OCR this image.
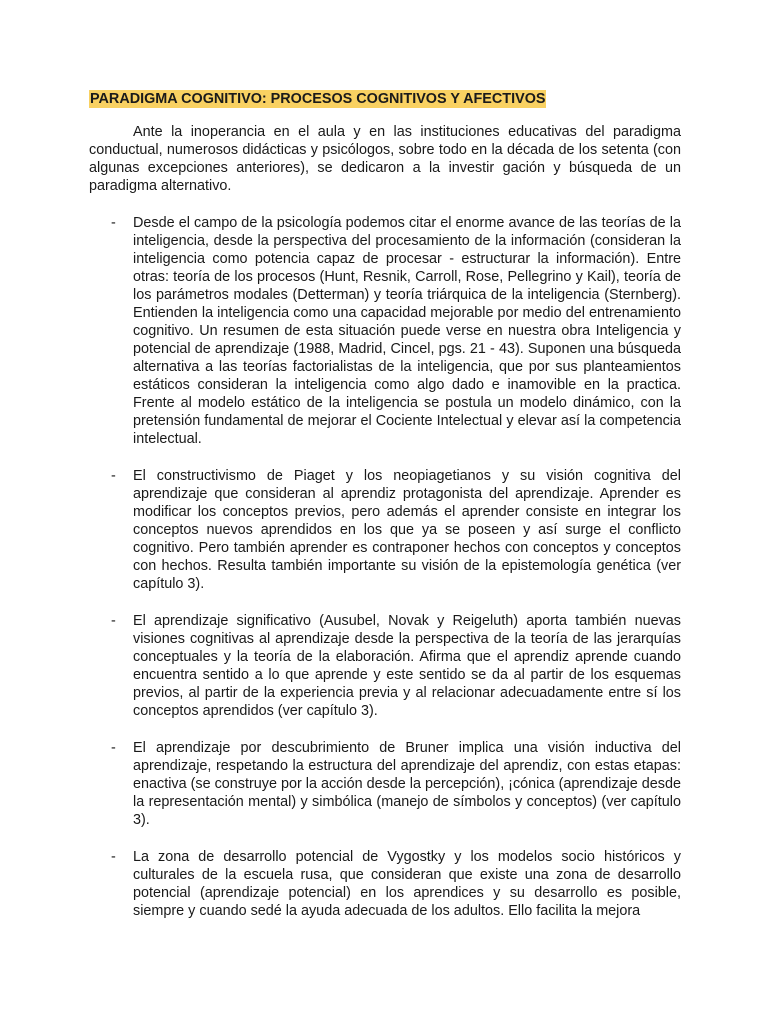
PARADIGMA COGNITIVO: PROCESOS COGNITIVOS Y AFECTIVOS

Ante la inoperancia en el aula y en las instituciones educativas del paradigma conductual, numerosos didácticas y psicólogos, sobre todo en la década de los setenta (con algunas excepciones anteriores), se dedicaron a la investir gación y búsqueda de un paradigma alternativo.

- Desde el campo de la psicología podemos citar el enorme avance de las teorías de la inteligencia, desde la perspectiva del procesamiento de la información (consideran la inteligencia como potencia capaz de procesar - estructurar la información). Entre otras: teoría de los procesos (Hunt, Resnik, Carroll, Rose, Pellegrino y Kail), teoría de los parámetros modales (Detterman) y teoría triárquica de la inteligencia (Sternberg). Entienden la inteligencia como una capacidad mejorable por medio del entrenamiento cognitivo. Un resumen de esta situación puede verse en nuestra obra Inteligencia y potencial de aprendizaje (1988, Madrid, Cincel, pgs. 21 - 43). Suponen una búsqueda alternativa a las teorías factorialistas de la inteligencia, que por sus planteamientos estáticos consideran la inteligencia como algo dado e inamovible en la practica. Frente al modelo estático de la inteligencia se postula un modelo dinámico, con la pretensión fundamental de mejorar el Cociente Intelectual y elevar así la competencia intelectual.

- El constructivismo de Piaget y los neopiagetianos y su visión cognitiva del aprendizaje que consideran al aprendiz protagonista del aprendizaje. Aprender es modificar los conceptos previos, pero además el aprender consiste en integrar los conceptos nuevos aprendidos en los que ya se poseen y así surge el conflicto cognitivo. Pero también aprender es contraponer hechos con conceptos y conceptos con hechos. Resulta también importante su visión de la epistemología genética (ver capítulo 3).

- El aprendizaje significativo (Ausubel, Novak y Reigeluth) aporta también nuevas visiones cognitivas al aprendizaje desde la perspectiva de la teoría de las jerarquías conceptuales y la teoría de la elaboración. Afirma que el aprendiz aprende cuando encuentra sentido a lo que aprende y este sentido se da al partir de los esquemas previos, al partir de la experiencia previa y al relacionar adecuadamente entre sí los conceptos aprendidos (ver capítulo 3).

- El aprendizaje por descubrimiento de Bruner implica una visión inductiva del aprendizaje, respetando la estructura del aprendizaje del aprendiz, con estas etapas: enactiva (se construye por la acción desde la percepción), ¡cónica (aprendizaje desde la representación mental) y simbólica (manejo de símbolos y conceptos) (ver capítulo 3).

- La zona de desarrollo potencial de Vygostky y los modelos socio históricos y culturales de la escuela rusa, que consideran que existe una zona de desarrollo potencial (aprendizaje potencial) en los aprendices y su desarrollo es posible, siempre y cuando sedé la ayuda adecuada de los adultos. Ello facilita la mejora
